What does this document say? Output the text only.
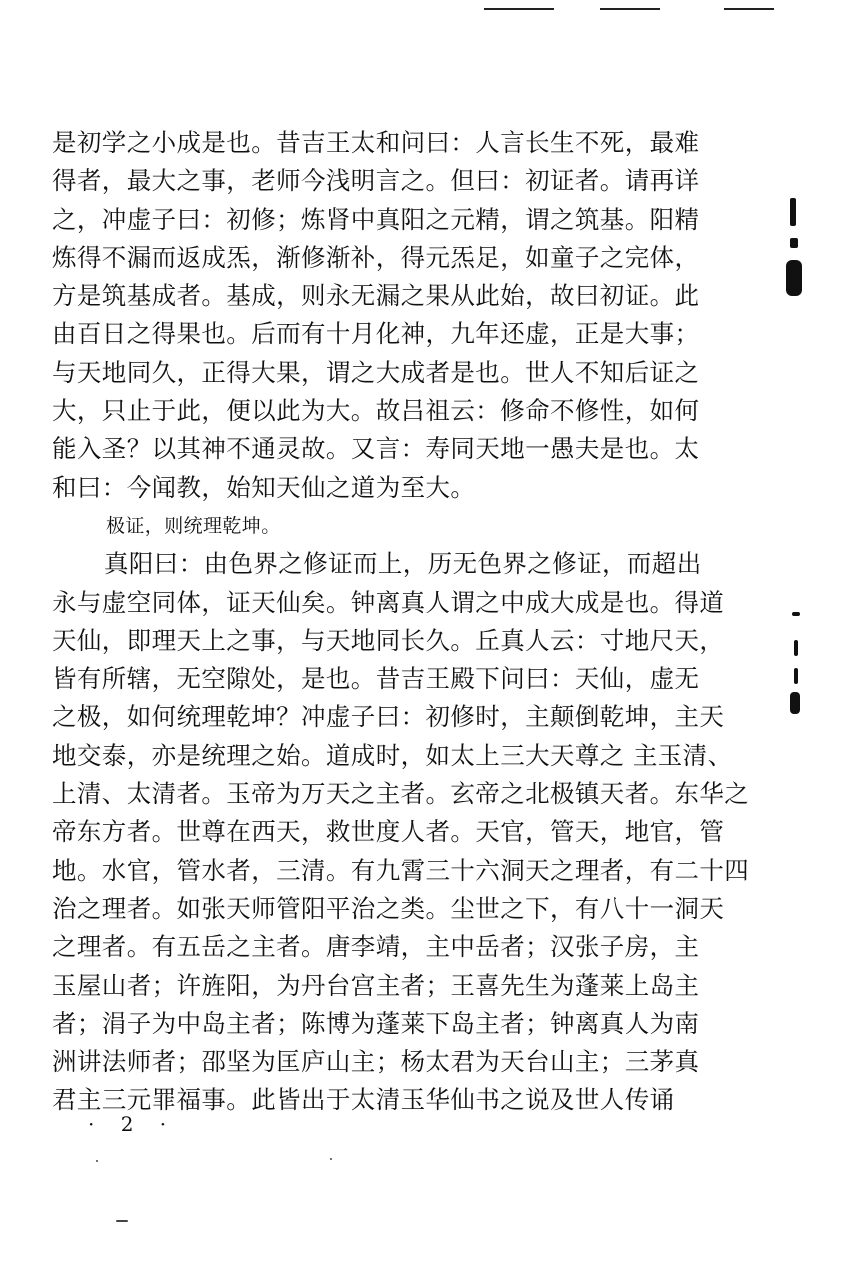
是初学之小成是也。昔吉王太和问曰：人言长生不死，最难
得者，最大之事，老师今浅明言之。但曰：初证者。请再详
之，冲虚子曰：初修；炼肾中真阳之元精，谓之筑基。阳精
炼得不漏而返成炁，渐修渐补，得元炁足，如童子之完体，
方是筑基成者。基成，则永无漏之果从此始，故曰初证。此
由百日之得果也。后而有十月化神，九年还虚，正是大事；
与天地同久，正得大果，谓之大成者是也。世人不知后证之
大，只止于此，便以此为大。故吕祖云：修命不修性，如何
能入圣？以其神不通灵故。又言：寿同天地一愚夫是也。太
和曰：今闻教，始知天仙之道为至大。
极证，则统理乾坤。
真阳曰：由色界之修证而上，历无色界之修证，而超出
永与虚空同体，证天仙矣。钟离真人谓之中成大成是也。得道
天仙，即理天上之事，与天地同长久。丘真人云：寸地尺天，
皆有所辖，无空隙处，是也。昔吉王殿下问曰：天仙，虚无
之极，如何统理乾坤？冲虚子曰：初修时，主颠倒乾坤，主天
地交泰，亦是统理之始。道成时，如太上三大天尊之 主玉清、
上清、太清者。玉帝为万天之主者。玄帝之北极镇天者。东华之
帝东方者。世尊在西天，救世度人者。天官，管天，地官，管
地。水官，管水者，三清。有九霄三十六洞天之理者，有二十四
治之理者。如张天师管阳平治之类。尘世之下，有八十一洞天
之理者。有五岳之主者。唐李靖，主中岳者；汉张子房，主
玉屋山者；许旌阳，为丹台宫主者；王喜先生为蓬莱上岛主
者；涓子为中岛主者；陈博为蓬莱下岛主者；钟离真人为南
洲讲法师者；邵坚为匡庐山主；杨太君为天台山主；三茅真
君主三元罪福事。此皆出于太清玉华仙书之说及世人传诵
· 2 ·
